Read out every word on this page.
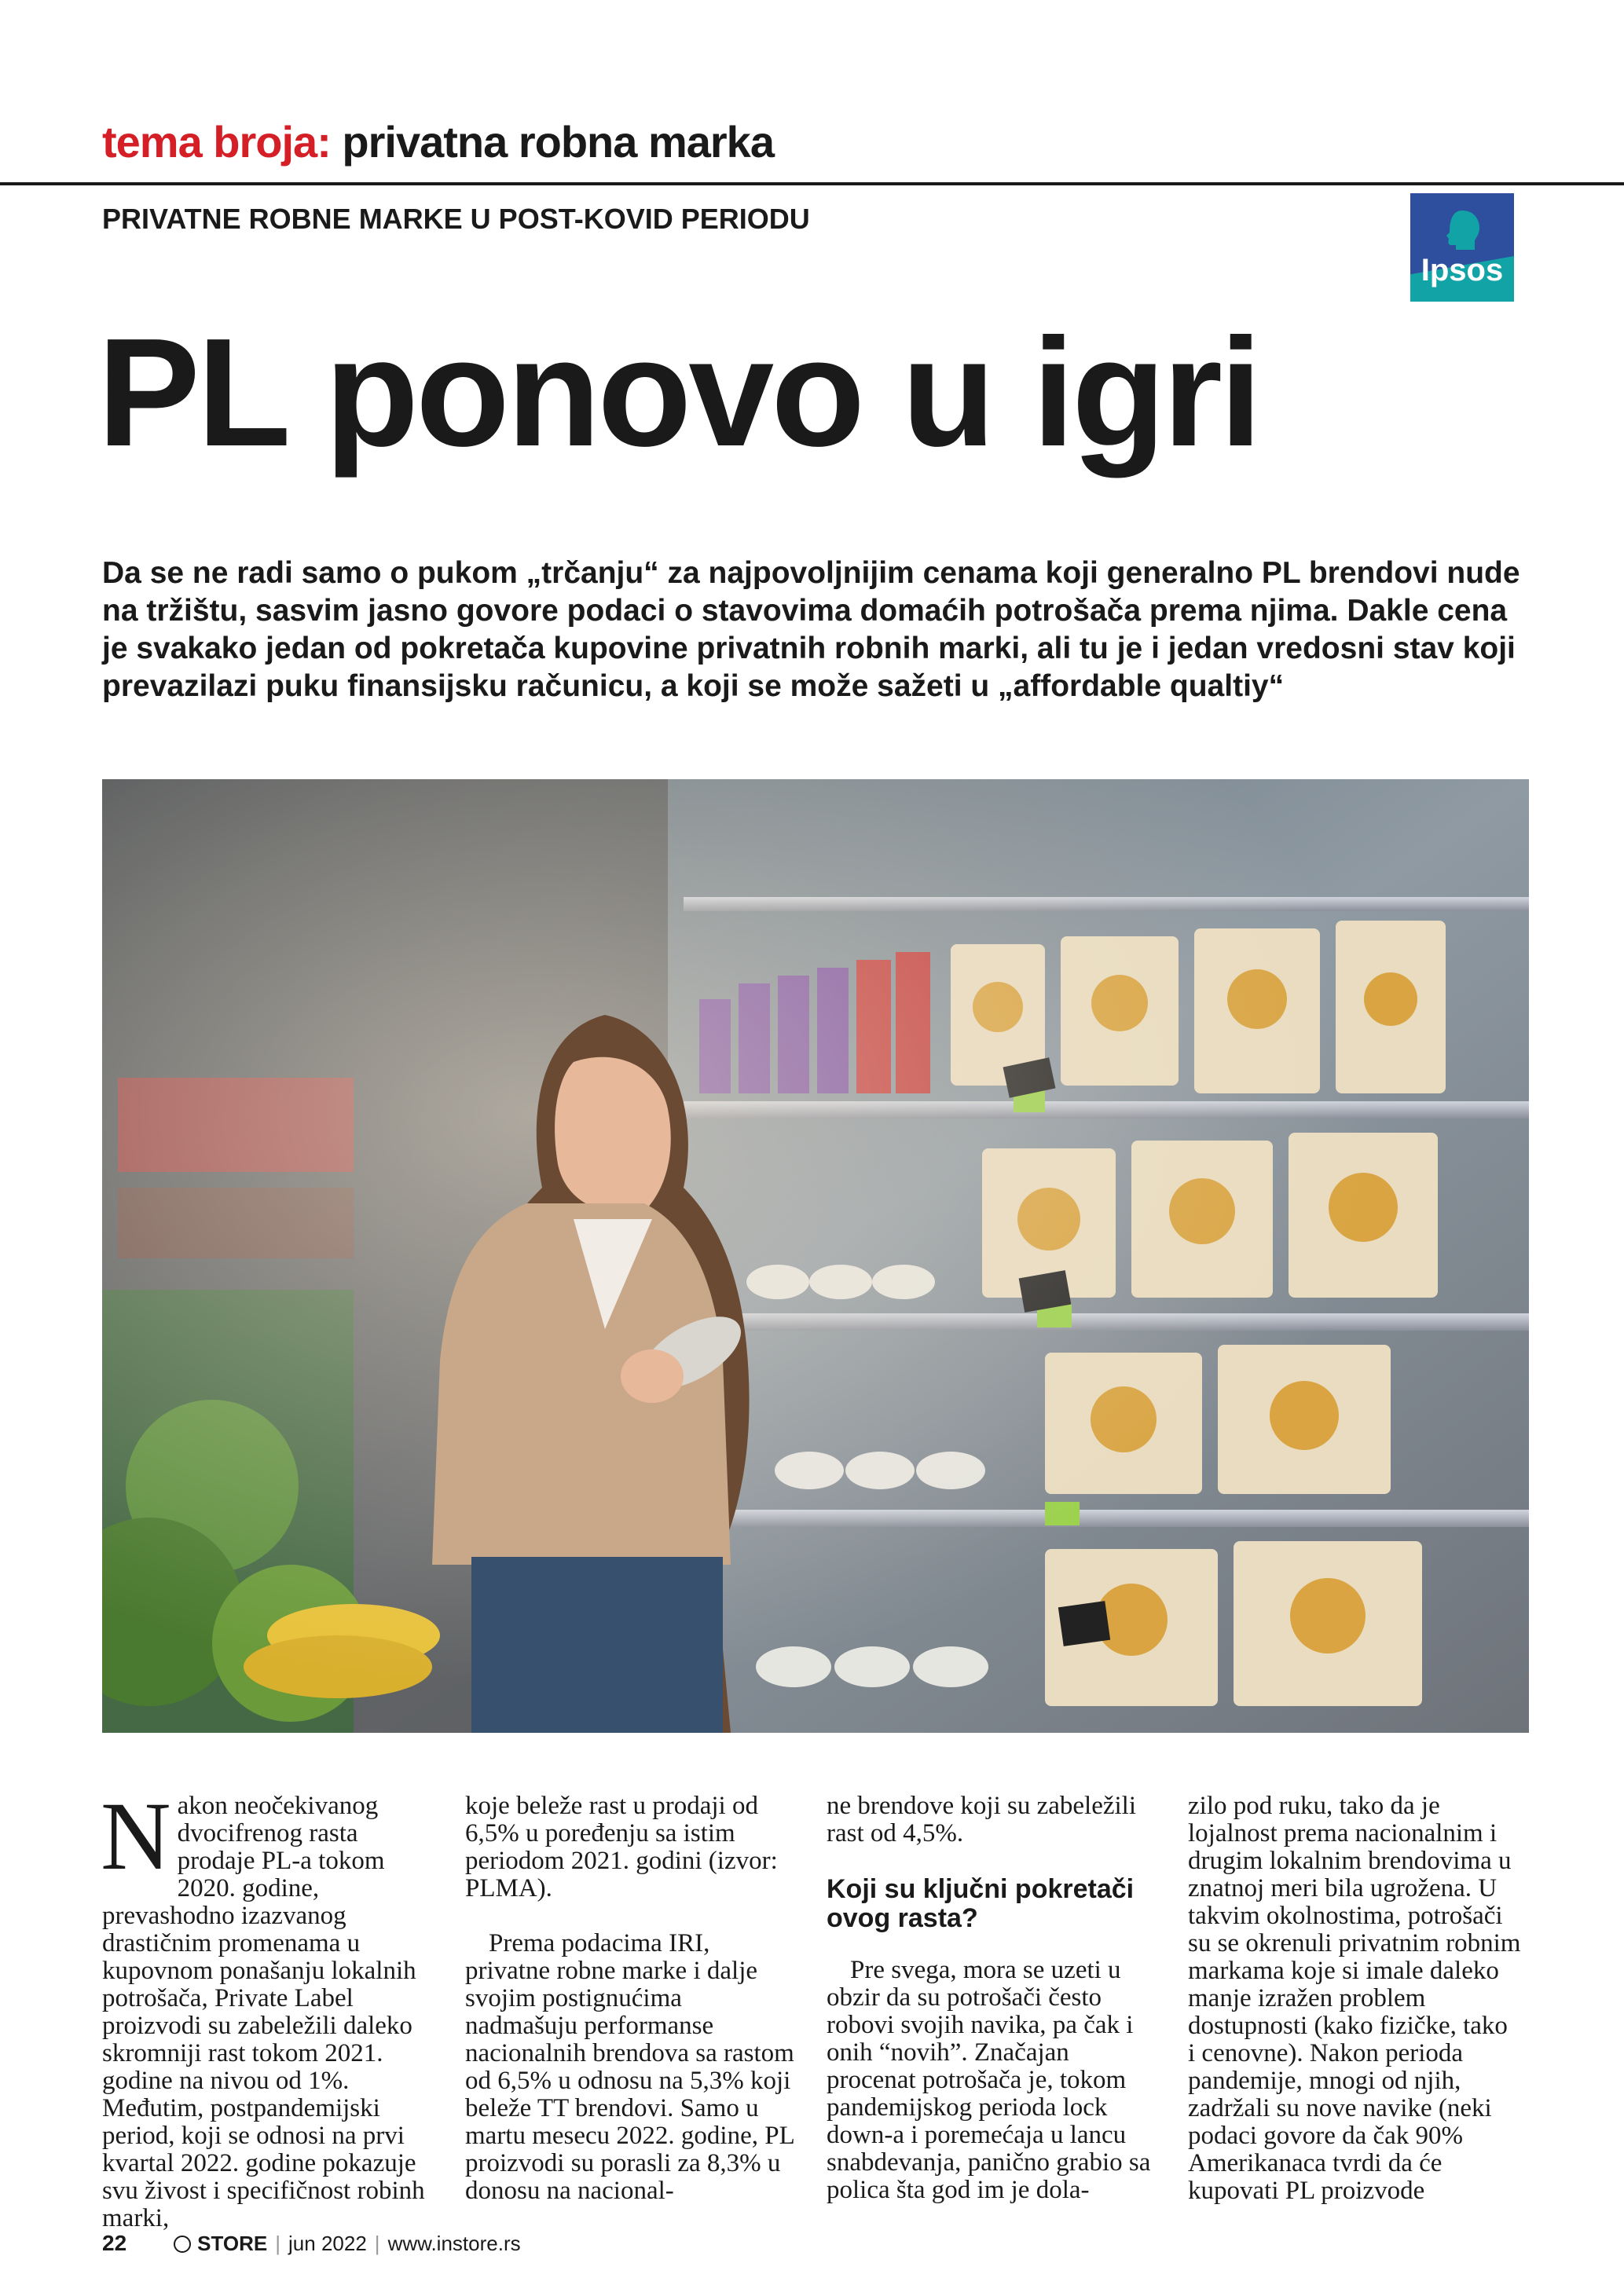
tema broja: privatna robna marka
PRIVATNE ROBNE MARKE U POST-KOVID PERIODU
Ipsos
PL ponovo u igri
Da se ne radi samo o pukom „trčanju“ za najpovoljnijim cenama koji generalno PL brendovi nude na tržištu, sasvim jasno govore podaci o stavovima domaćih potrošača prema njima. Dakle cena je svakako jedan od pokretača kupovine privatnih robnih marki, ali tu je i jedan vredosni stav koji prevazilazi puku finansijsku računicu, a koji se može sažeti u „affordable qualtiy“

Nakon neočekivanog dvocifrenog rasta prodaje PL-a tokom 2020. godine, prevashodno izazvanog drastičnim promenama u kupovnom ponašanju lokalnih potrošača, Private Label proizvodi su zabeležili daleko skromniji rast tokom 2021. godine na nivou od 1%. Međutim, postpandemijski period, koji se odnosi na prvi kvartal 2022. godine pokazuje svu živost i specifičnost robinh marki,

koje beleže rast u prodaji od 6,5% u poređenju sa istim periodom 2021. godini (izvor: PLMA).

Prema podacima IRI, privatne robne marke i dalje svojim postignućima nadmašuju performanse nacionalnih brendova sa rastom od 6,5% u odnosu na 5,3% koji beleže TT brendovi. Samo u martu mesecu 2022. godine, PL proizvodi su porasli za 8,3% u donosu na nacional-

ne brendove koji su zabeležili rast od 4,5%.

Koji su ključni pokretači ovog rasta?

Pre svega, mora se uzeti u obzir da su potrošači često robovi svojih navika, pa čak i onih “novih”. Značajan procenat potrošača je, tokom pandemijskog perioda lock down-a i poremećaja u lancu snabdevanja, panično grabio sa polica šta god im je dola-

zilo pod ruku, tako da je lojalnost prema nacionalnim i drugim lokalnim brendovima u znatnoj meri bila ugrožena. U takvim okolnostima, potrošači su se okrenuli privatnim robnim markama koje si imale daleko manje izražen problem dostupnosti (kako fizičke, tako i cenovne). Nakon perioda pandemije, mnogi od njih, zadržali su nove navike (neki podaci govore da čak 90% Amerikanaca tvrdi da će kupovati PL proizvode

22	STORE | jun 2022 | www.instore.rs
